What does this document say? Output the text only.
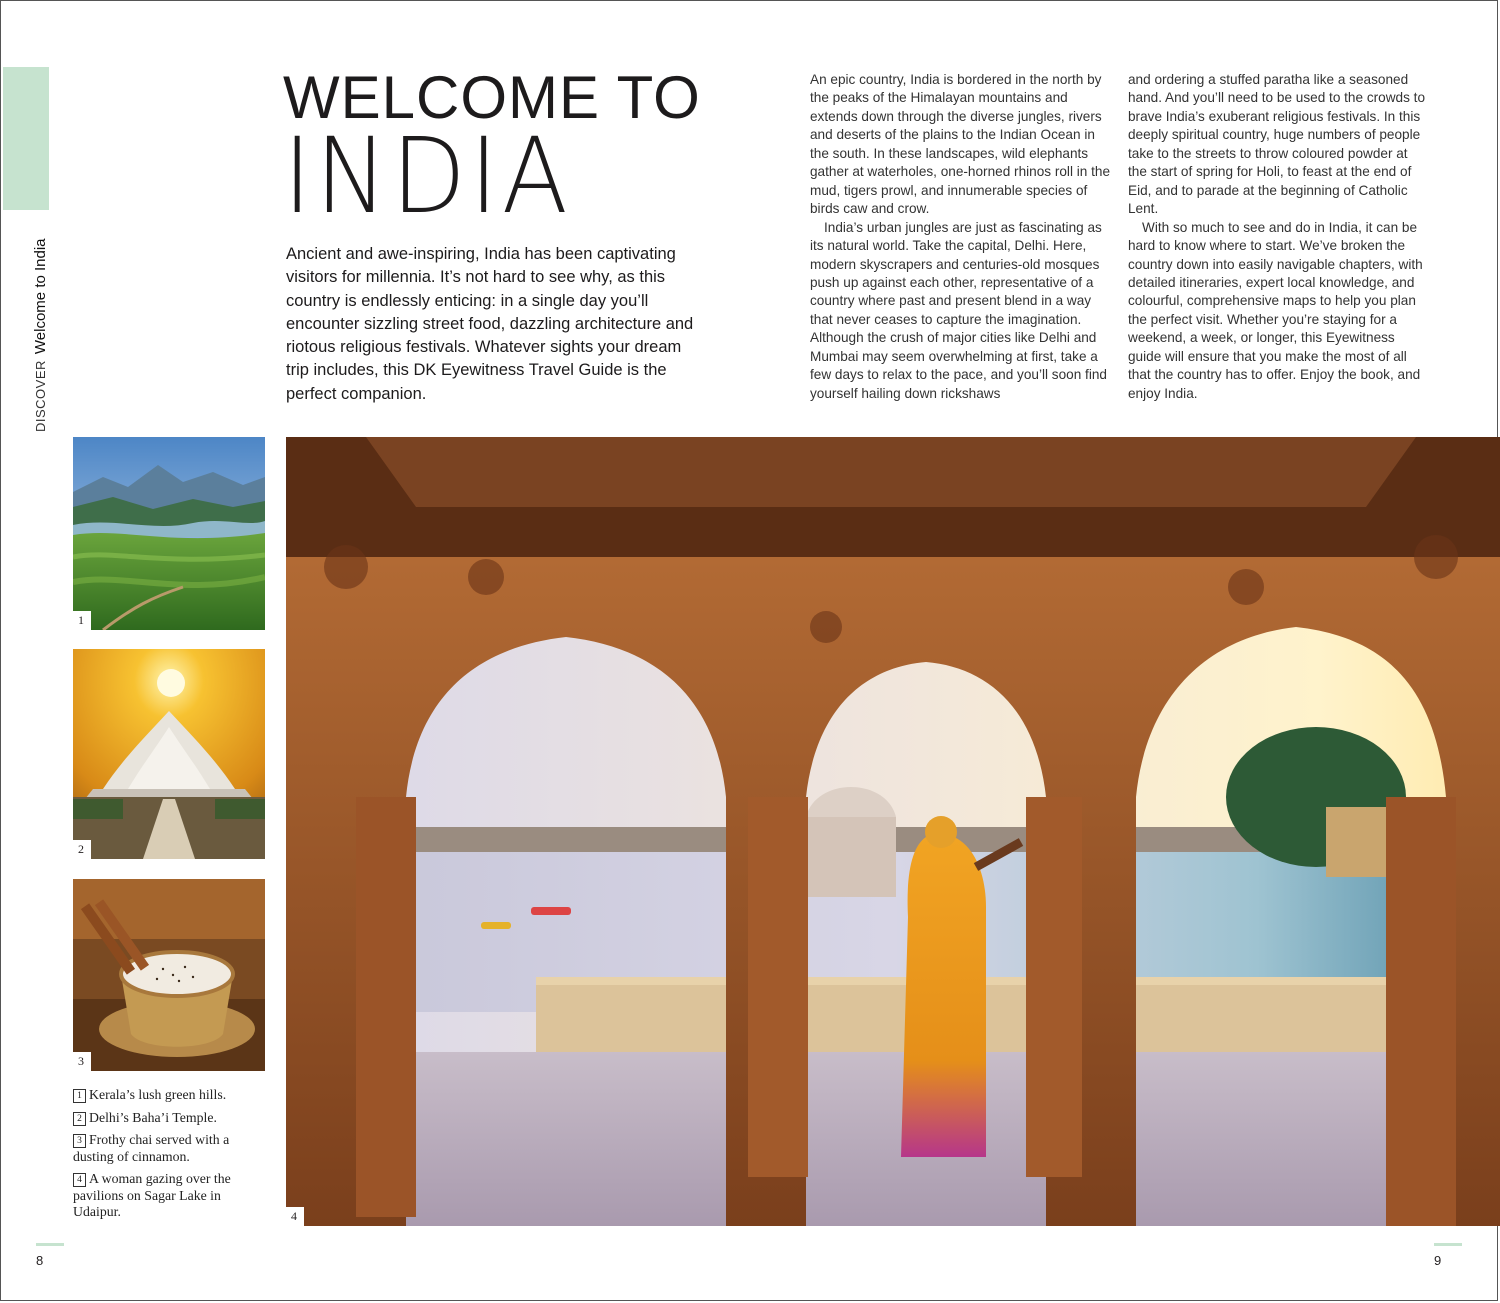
DISCOVER
Welcome to India
WELCOME TO
INDIA
Ancient and awe-inspiring, India has been captivating visitors for millennia. It’s not hard to see why, as this country is endlessly enticing: in a single day you’ll encounter sizzling street food, dazzling architecture and riotous religious festivals. Whatever sights your dream trip includes, this DK Eyewitness Travel Guide is the perfect companion.

An epic country, India is bordered in the north by the peaks of the Himalayan mountains and extends down through the diverse jungles, rivers and deserts of the plains to the Indian Ocean in the south. In these landscapes, wild elephants gather at waterholes, one-horned rhinos roll in the mud, tigers prowl, and innumerable species of birds caw and crow.

India’s urban jungles are just as fascinating as its natural world. Take the capital, Delhi. Here, modern skyscrapers and centuries-old mosques push up against each other, representative of a country where past and present blend in a way that never ceases to capture the imagination. Although the crush of major cities like Delhi and Mumbai may seem overwhelming at first, take a few days to relax to the pace, and you’ll soon find yourself hailing down rickshaws

and ordering a stuffed paratha like a seasoned hand. And you’ll need to be used to the crowds to brave India’s exuberant religious festivals. In this deeply spiritual country, huge numbers of people take to the streets to throw coloured powder at the start of spring for Holi, to feast at the end of Eid, and to parade at the beginning of Catholic Lent.

With so much to see and do in India, it can be hard to know where to start. We’ve broken the country down into easily navigable chapters, with detailed itineraries, expert local knowledge, and colourful, comprehensive maps to help you plan the perfect visit. Whether you’re staying for a weekend, a week, or longer, this Eyewitness guide will ensure that you make the most of all that the country has to offer. Enjoy the book, and enjoy India.

1
2
3
1 Kerala’s lush green hills.
2 Delhi’s Baha’i Temple.
3 Frothy chai served with a dusting of cinnamon.
4 A woman gazing over the pavilions on Sagar Lake in Udaipur.	4
8	9
